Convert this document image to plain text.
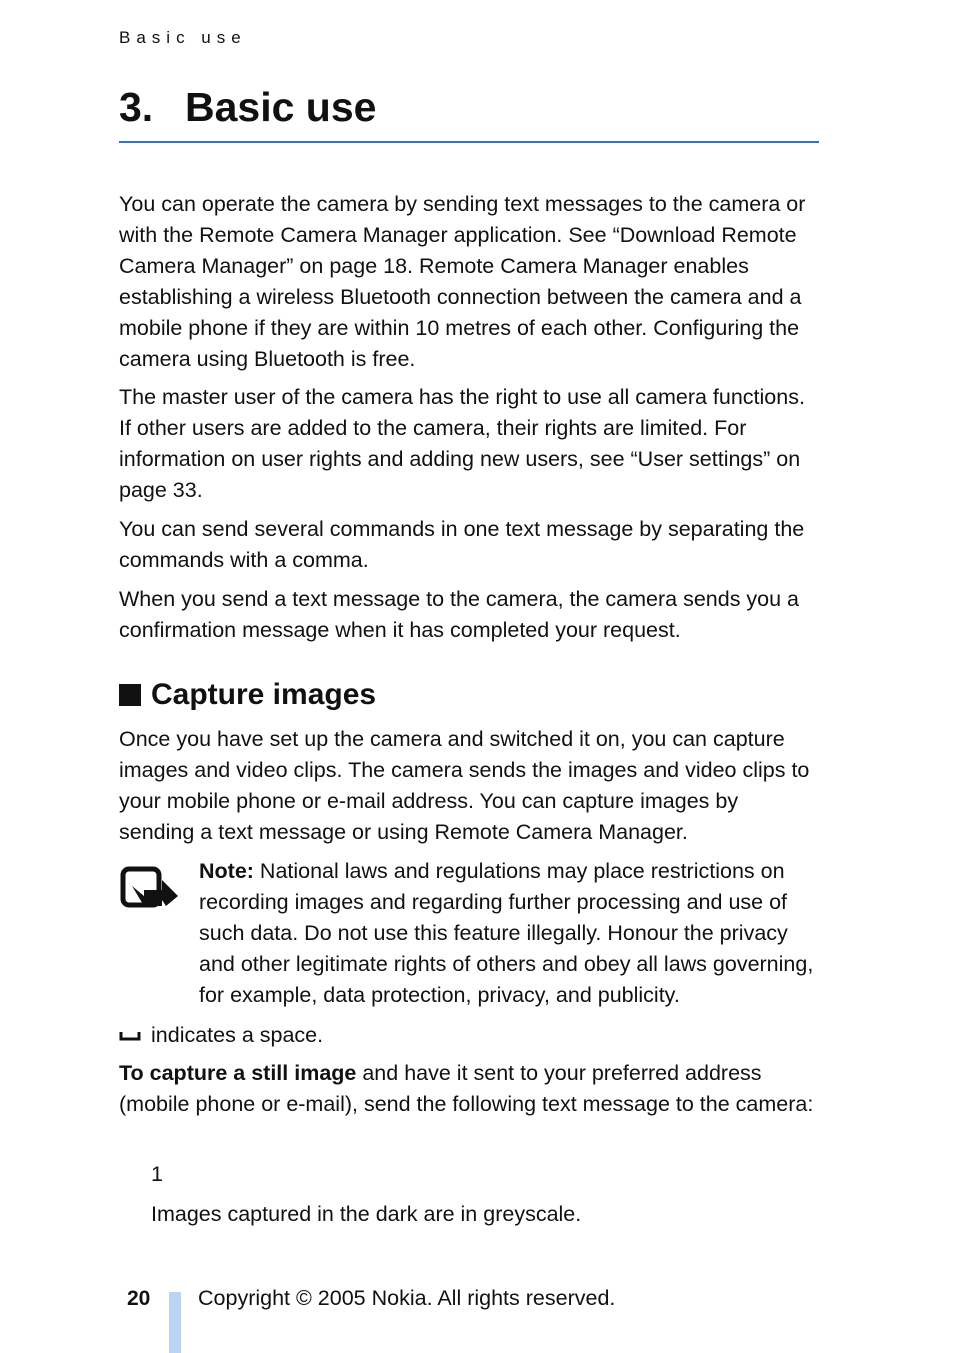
Basic use
3. Basic use

You can operate the camera by sending text messages to the camera or with the Remote Camera Manager application. See “Download Remote Camera Manager” on page 18. Remote Camera Manager enables establishing a wireless Bluetooth connection between the camera and a mobile phone if they are within 10 metres of each other. Configuring the camera using Bluetooth is free.

The master user of the camera has the right to use all camera functions. If other users are added to the camera, their rights are limited. For information on user rights and adding new users, see “User settings” on page 33.

You can send several commands in one text message by separating the commands with a comma.

When you send a text message to the camera, the camera sends you a confirmation message when it has completed your request.

Capture images

Once you have set up the camera and switched it on, you can capture images and video clips. The camera sends the images and video clips to your mobile phone or e-mail address. You can capture images by sending a text message or using Remote Camera Manager.

Note: National laws and regulations may place restrictions on recording images and regarding further processing and use of such data. Do not use this feature illegally. Honour the privacy and other legitimate rights of others and obey all laws governing, for example, data protection, privacy, and publicity.

indicates a space.

To capture a still image and have it sent to your preferred address (mobile phone or e-mail), send the following text message to the camera:

1

Images captured in the dark are in greyscale.

20 Copyright © 2005 Nokia. All rights reserved.
